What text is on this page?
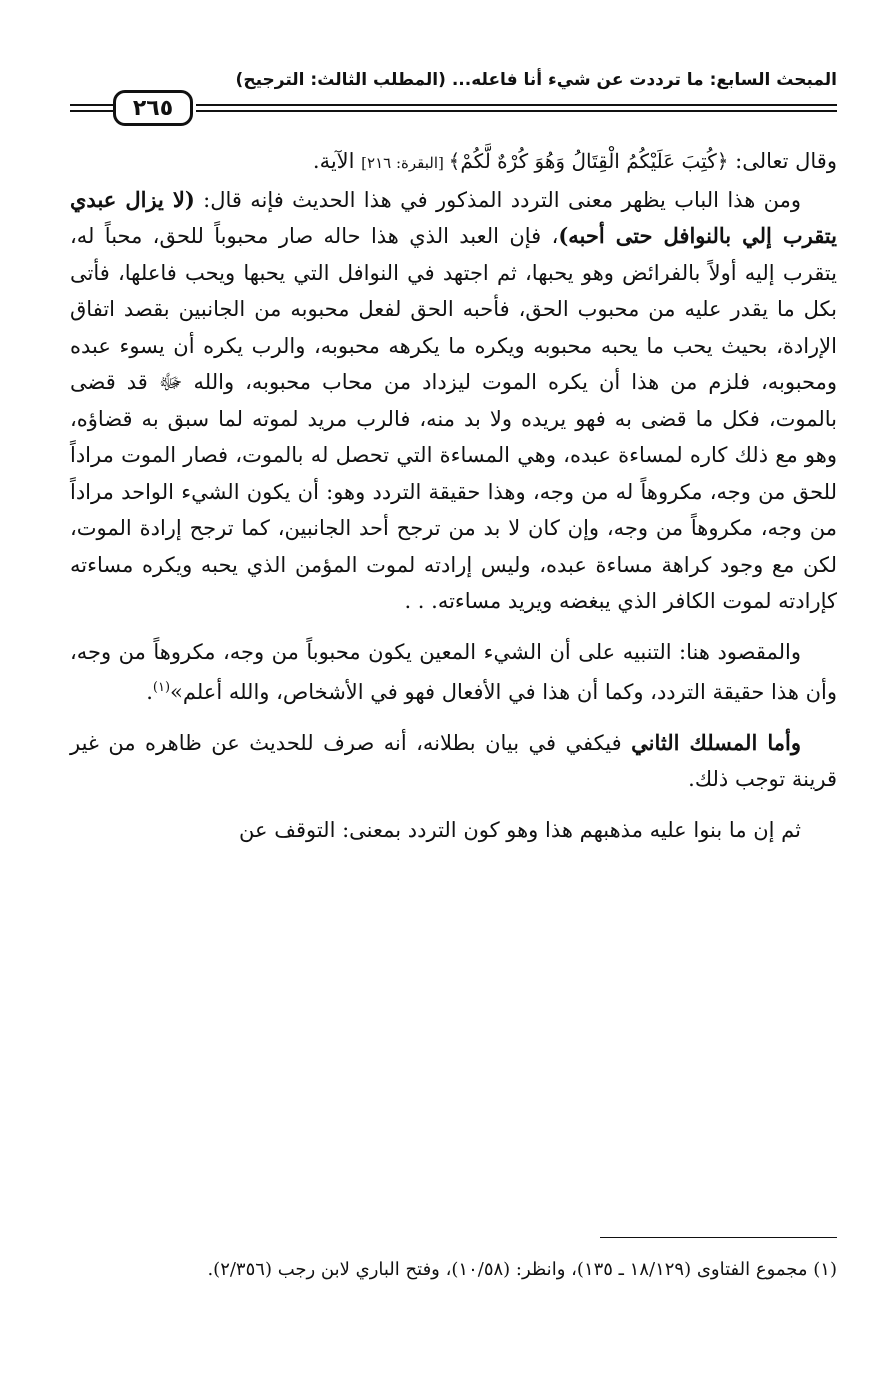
المبحث السابع: ما ترددت عن شيء أنا فاعله... (المطلب الثالث: الترجيح)
٢٦٥

وقال تعالى: ﴿كُتِبَ عَلَيْكُمُ الْقِتَالُ وَهُوَ كُرْهٌ لَّكُمْ﴾ [البقرة: ٢١٦] الآية.

ومن هذا الباب يظهر معنى التردد المذكور في هذا الحديث فإنه قال: (لا يزال عبدي يتقرب إلي بالنوافل حتى أحبه)، فإن العبد الذي هذا حاله صار محبوباً للحق، محباً له، يتقرب إليه أولاً بالفرائض وهو يحبها، ثم اجتهد في النوافل التي يحبها ويحب فاعلها، فأتى بكل ما يقدر عليه من محبوب الحق، فأحبه الحق لفعل محبوبه من الجانبين بقصد اتفاق الإرادة، بحيث يحب ما يحبه محبوبه ويكره ما يكرهه محبوبه، والرب يكره أن يسوء عبده ومحبوبه، فلزم من هذا أن يكره الموت ليزداد من محاب محبوبه، والله ﷻ قد قضى بالموت، فكل ما قضى به فهو يريده ولا بد منه، فالرب مريد لموته لما سبق به قضاؤه، وهو مع ذلك كاره لمساءة عبده، وهي المساءة التي تحصل له بالموت، فصار الموت مراداً للحق من وجه، مكروهاً له من وجه، وهذا حقيقة التردد وهو: أن يكون الشيء الواحد مراداً من وجه، مكروهاً من وجه، وإن كان لا بد من ترجح أحد الجانبين، كما ترجح إرادة الموت، لكن مع وجود كراهة مساءة عبده، وليس إرادته لموت المؤمن الذي يحبه ويكره مساءته كإرادته لموت الكافر الذي يبغضه ويريد مساءته. . .

والمقصود هنا: التنبيه على أن الشيء المعين يكون محبوباً من وجه، مكروهاً من وجه، وأن هذا حقيقة التردد، وكما أن هذا في الأفعال فهو في الأشخاص، والله أعلم»$^{(١)}$.

وأما المسلك الثاني فيكفي في بيان بطلانه، أنه صرف للحديث عن ظاهره من غير قرينة توجب ذلك.

ثم إن ما بنوا عليه مذهبهم هذا وهو كون التردد بمعنى: التوقف عن

(١) مجموع الفتاوى (١٨/١٢٩ ـ ١٣٥)، وانظر: (١٠/٥٨)، وفتح الباري لابن رجب (٢/٣٥٦).
